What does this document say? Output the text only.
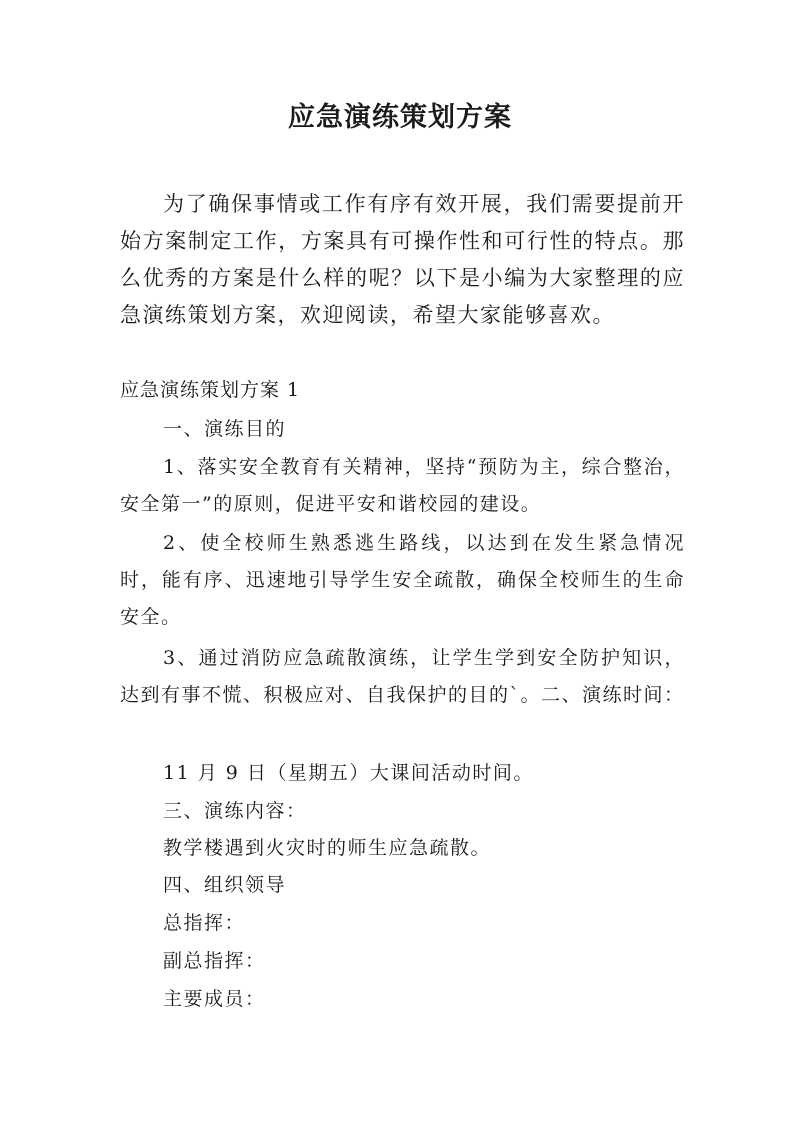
应急演练策划方案
为了确保事情或工作有序有效开展，我们需要提前开始方案制定工作，方案具有可操作性和可行性的特点。那么优秀的方案是什么样的呢？以下是小编为大家整理的应急演练策划方案，欢迎阅读，希望大家能够喜欢。
应急演练策划方案 1
一、演练目的
1、落实安全教育有关精神，坚持“预防为主，综合整治，安全第一”的原则，促进平安和谐校园的建设。
2、使全校师生熟悉逃生路线，以达到在发生紧急情况时，能有序、迅速地引导学生安全疏散，确保全校师生的生命安全。
3、通过消防应急疏散演练，让学生学到安全防护知识，达到有事不慌、积极应对、自我保护的目的`。二、演练时间：
11 月 9 日（星期五）大课间活动时间。
三、演练内容：
教学楼遇到火灾时的师生应急疏散。
四、组织领导
总指挥：
副总指挥：
主要成员：
